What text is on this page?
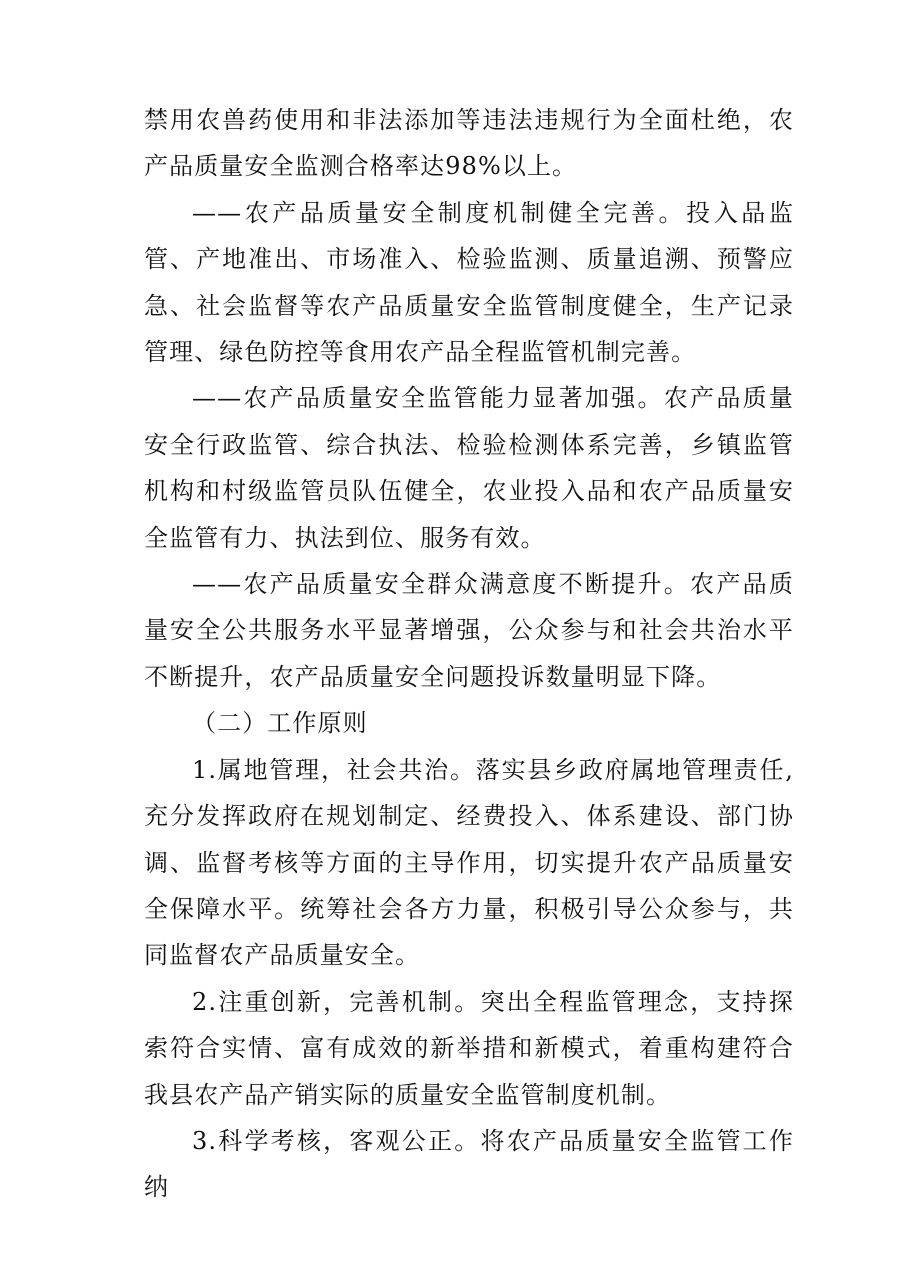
禁用农兽药使用和非法添加等违法违规行为全面杜绝，农产品质量安全监测合格率达98%以上。

——农产品质量安全制度机制健全完善。投入品监管、产地准出、市场准入、检验监测、质量追溯、预警应急、社会监督等农产品质量安全监管制度健全，生产记录管理、绿色防控等食用农产品全程监管机制完善。

——农产品质量安全监管能力显著加强。农产品质量安全行政监管、综合执法、检验检测体系完善，乡镇监管机构和村级监管员队伍健全，农业投入品和农产品质量安全监管有力、执法到位、服务有效。

——农产品质量安全群众满意度不断提升。农产品质量安全公共服务水平显著增强，公众参与和社会共治水平不断提升，农产品质量安全问题投诉数量明显下降。

（二）工作原则

1.属地管理，社会共治。落实县乡政府属地管理责任,充分发挥政府在规划制定、经费投入、体系建设、部门协调、监督考核等方面的主导作用，切实提升农产品质量安全保障水平。统筹社会各方力量，积极引导公众参与，共同监督农产品质量安全。

2.注重创新，完善机制。突出全程监管理念，支持探索符合实情、富有成效的新举措和新模式，着重构建符合我县农产品产销实际的质量安全监管制度机制。

3.科学考核，客观公正。将农产品质量安全监管工作纳
